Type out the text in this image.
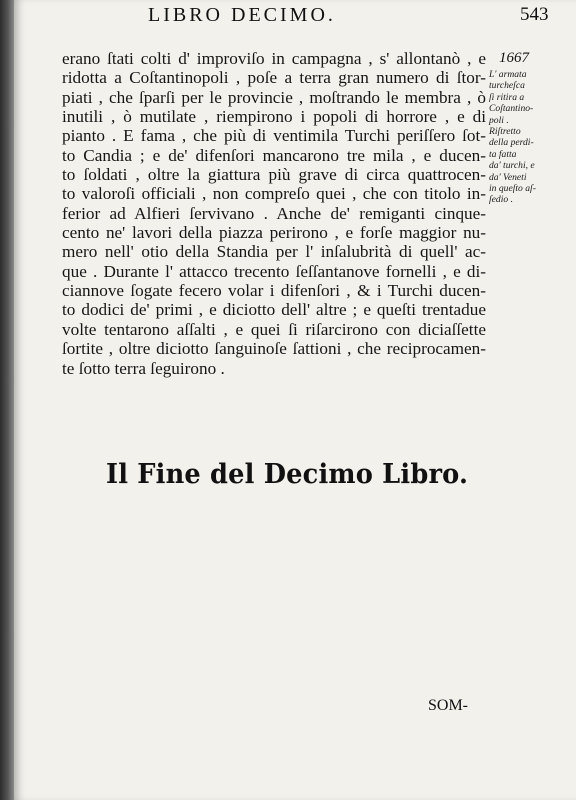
LIBRO DECIMO.	543
erano ſtati colti d' improviſo in campagna , s' allontanò , e
ridotta a Coſtantinopoli , poſe a terra gran numero di ſtor-
piati , che ſparſi per le provincie , moſtrando le membra , ò
inutili , ò mutilate , riempirono i popoli di horrore , e di
pianto . E fama , che più di ventimila Turchi periſſero ſot-
to Candia ; e de' difenſori mancarono tre mila , e ducen-
to ſoldati , oltre la giattura più grave di circa quattrocen-
to valoroſi officiali , non compreſo quei , che con titolo in-
ferior ad Alfieri ſervivano . Anche de' remiganti cinque-
cento ne' lavori della piazza perirono , e forſe maggior nu-
mero nell' otio della Standia per l' inſalubrità di quell' ac-
que . Durante l' attacco trecento ſeſſantanove fornelli , e di-
ciannove ſogate fecero volar i difenſori , & i Turchi ducen-
to dodici de' primi , e diciotto dell' altre ; e queſti trentadue
volte tentarono aſſalti , e quei ſi riſarcirono con diciaſſette
ſortite , oltre diciotto ſanguinoſe ſattioni , che reciprocamen-
te ſotto terra ſeguirono .
1667
L' armata
turcheſca
ſi ritira a
Coſtantino-
poli .
Riſtretto
della perdi-
ta fatta
da' turchi, e
da' Veneti
in queſto aſ-
ſedio .
Il Fine del Decimo Libro.
SOM-
